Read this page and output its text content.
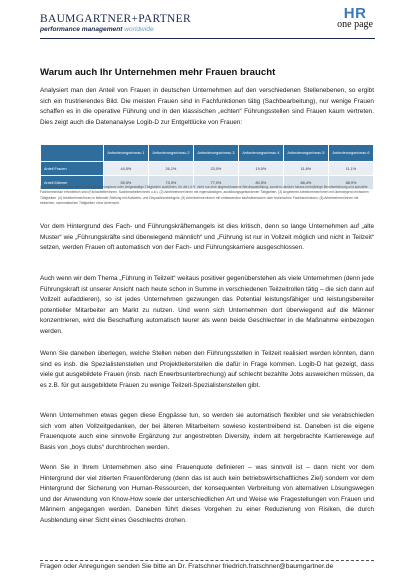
BAUMGARTNER+PARTNER
performance management worldwide
HR
one page
Warum auch Ihr Unternehmen mehr Frauen braucht
Analysiert man den Anteil von Frauen in deutschen Unternehmen auf den verschiedenen Stellenebenen, so ergibt sich ein frustrierendes Bild. Die meisten Frauen sind in Fachfunktionen tätig (Sachbearbeitung), nur wenige Frauen schaffen es in die operative Führung und in den klassischen „echten“ Führungsstellen sind Frauen kaum vertreten. Dies zeigt auch die Datenanalyse Logib-D zur Entgeltlücke von Frauen:
	Anforderungsniveau 1	Anforderungsniveau 2	Anforderungsniveau 3	Anforderungsniveau 4	Anforderungsniveau 5	Anforderungsniveau 6
Anteil Frauen	44,5%	26,1%	23,0%	19,5%	11,6%	11,1%
Anteil Männer	55,5%	73,9%	77,0%	80,5%	88,4%	88,9%
(1) Arbeitnehmer/innen, die schwierige bis komplexe oder vielgestaltige Tätigkeiten ausführen, für die i.d.R. nicht nur eine abgeschlossene Berufsausbildung, sondern darüber hinaus mehrjährige Berufserfahrung und spezielle Fachkenntnisse erforderlich sind (Facharbeiter/innen, Sachbearbeiter/innen u.ä.). (2) Arbeitnehmer/innen mit eigenständigen, ausbildungsgebundenen Tätigkeiten. (3) Angelernte Arbeitnehmer/innen mit überwiegend einfachen Tätigkeiten. (4) Arbeitnehmer/innen in leitender Stellung mit Aufsichts- und Dispositionsbefugnis. (5) Arbeitnehmer/innen mit umfassenden kaufmännischen oder technischen Fachkenntnissen. (6) Arbeitnehmer/innen mit einfachen, schematischen Tätigkeiten ohne Anlernzeit.
Vor dem Hintergrund des Fach- und Führungskräftemangels ist dies kritisch, denn so lange Unternehmen auf „alte Muster“ wie „Führungskräfte sind überwiegend männlich“ und „Führung ist nur in Vollzeit möglich und nicht in Teilzeit“ setzen, werden Frauen oft automatisch von der Fach- und Führungskarriere ausgeschlossen.
Auch wenn wir dem Thema „Führung in Teilzeit“ weitaus positiver gegenüberstehen als viele Unternehmen (denn jede Führungskraft ist unserer Ansicht nach heute schon in Summe in verschiedenen Teilzeitrollen tätig – die sich dann auf Vollzeit aufaddieren), so ist jedes Unternehmen gezwungen das Potential leistungsfähiger und leistungsbereiter potentieller Mitarbeiter am Markt zu nutzen. Und wenn sich Unternehmen dort überwiegend auf die Männer konzentrieren, wird die Beschaffung automatisch teurer als wenn beide Geschlechter in die Maßnahme einbezogen werden.
Wenn Sie daneben überlegen, welche Stellen neben den Führungsstellen in Teilzeit realisiert werden könnten, dann sind es insb. die Spezialistenstellen und Projektleiterstellen die dafür in Frage kommen. Logib-D hat gezeigt, dass viele gut ausgebildete Frauen (insb. nach Erwerbsunterbrechung) auf schlecht bezahlte Jobs ausweichen müssen, da es z.B. für gut ausgebildete Frauen zu wenige Teilzeit-Spezialistenstellen gibt.
Wenn Unternehmen etwas gegen diese Engpässe tun, so werden sie automatisch flexibler und sie verabschieden sich vom alten Vollzeitgedanken, der bei älteren Mitarbeitern sowieso kostentreibend ist. Daneben ist die eigene Frauenquote auch eine sinnvolle Ergänzung zur angestrebten Diversity, indem alt hergebrachte Karrierewege auf Basis von „boys clubs“ durchbrochen werden.
Wenn Sie in Ihrem Unternehmen also eine Frauenquote definieren – was sinnvoll ist – dann nicht vor dem Hintergrund der viel zitierten Frauenförderung (denn das ist auch kein betriebswirtschaftliches Ziel) sondern vor dem Hintergrund der Sicherung von Human-Ressourcen, der konsequenten Verbreitung von alternativen Lösungswegen und der Anwendung von Know-How sowie der unterschiedlichen Art und Weise wie Fragestellungen von Frauen und Männern angegangen werden. Daneben führt dieses Vorgehen zu einer Reduzierung von Risiken, die durch Ausblendung einer Sicht eines Geschlechts drohen.
Fragen oder Anregungen senden Sie bitte an Dr. Fratschner friedrich.fratschner@baumgartner.de
